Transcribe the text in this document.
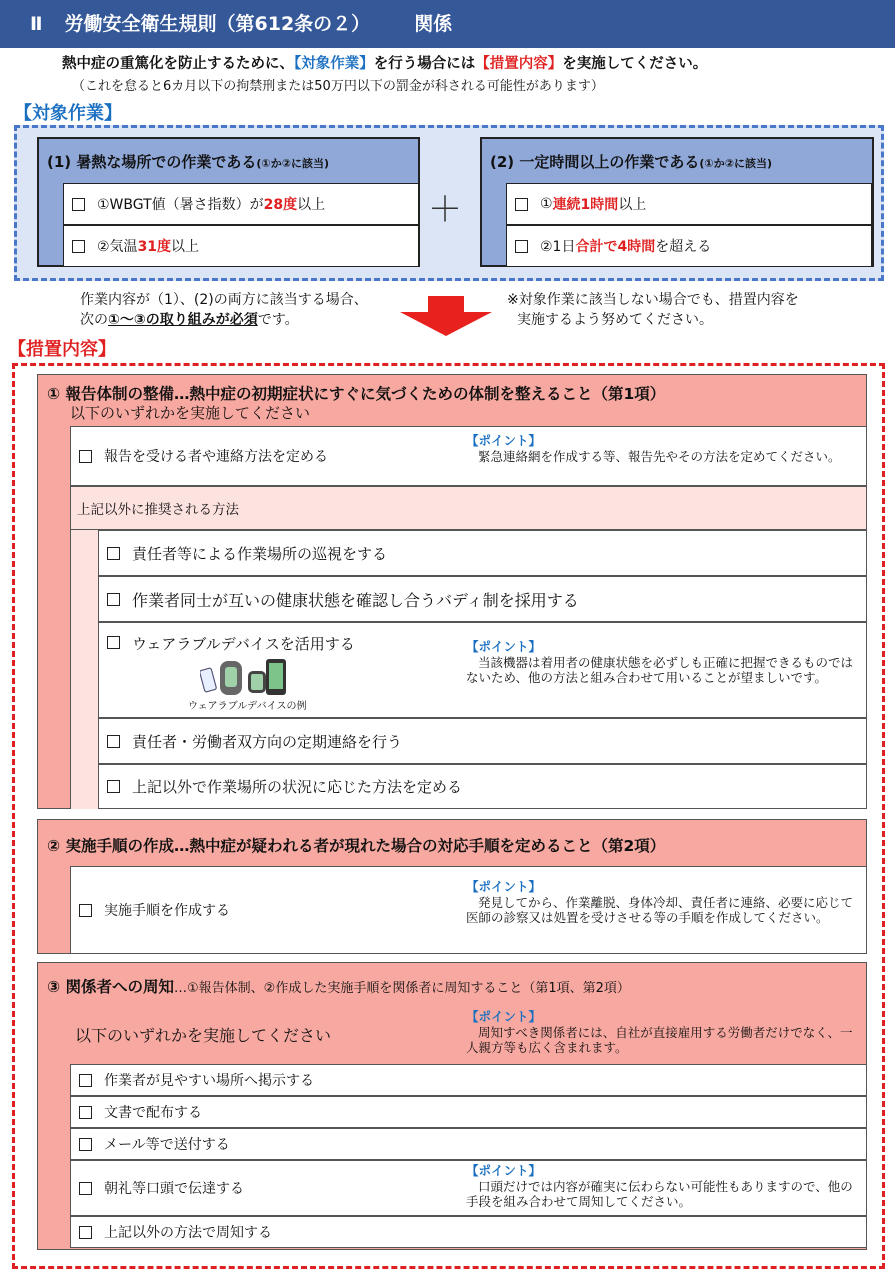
Ⅱ 労働安全衛生規則（第612条の２） 関係
熱中症の重篤化を防止するために、【対象作業】を行う場合には【措置内容】を実施してください。
（これを怠ると6カ月以下の拘禁刑または50万円以下の罰金が科される可能性があります）
【対象作業】
(1) 暑熱な場所での作業である(①か②に該当)
①WBGT値（暑さ指数）が 28度 以上
②気温 31度 以上
＋
(2) 一定時間以上の作業である(①か②に該当)
① 連続1時間 以上
②1日 合計で4時間 を超える
作業内容が（1）、(2)の両方に該当する場合、
次の①～③の取り組みが必須です。
※対象作業に該当しない場合でも、措置内容を
実施するよう努めてください。
【措置内容】
① 報告体制の整備…熱中症の初期症状にすぐに気づくための体制を整えること（第1項）
以下のいずれかを実施してください
報告を受ける者や連絡方法を定める
【ポイント】
緊急連絡網を作成する等、報告先やその方法を定めてください。
上記以外に推奨される方法
責任者等による作業場所の巡視をする
作業者同士が互いの健康状態を確認し合うバディ制を採用する
ウェアラブルデバイスを活用する
ウェアラブルデバイスの例
【ポイント】
当該機器は着用者の健康状態を必ずしも正確に把握できるものではないため、他の方法と組み合わせて用いることが望ましいです。
責任者・労働者双方向の定期連絡を行う
上記以外で作業場所の状況に応じた方法を定める
② 実施手順の作成…熱中症が疑われる者が現れた場合の対応手順を定めること（第2項）
実施手順を作成する
【ポイント】
発見してから、作業離脱、身体冷却、責任者に連絡、必要に応じて医師の診察又は処置を受けさせる等の手順を作成してください。
③ 関係者への周知…①報告体制、②作成した実施手順を関係者に周知すること（第1項、第2項）
以下のいずれかを実施してください
【ポイント】
周知すべき関係者には、自社が直接雇用する労働者だけでなく、一人親方等も広く含まれます。
作業者が見やすい場所へ掲示する
文書で配布する
メール等で送付する
朝礼等口頭で伝達する
【ポイント】
口頭だけでは内容が確実に伝わらない可能性もありますので、他の手段を組み合わせて周知してください。
上記以外の方法で周知する
